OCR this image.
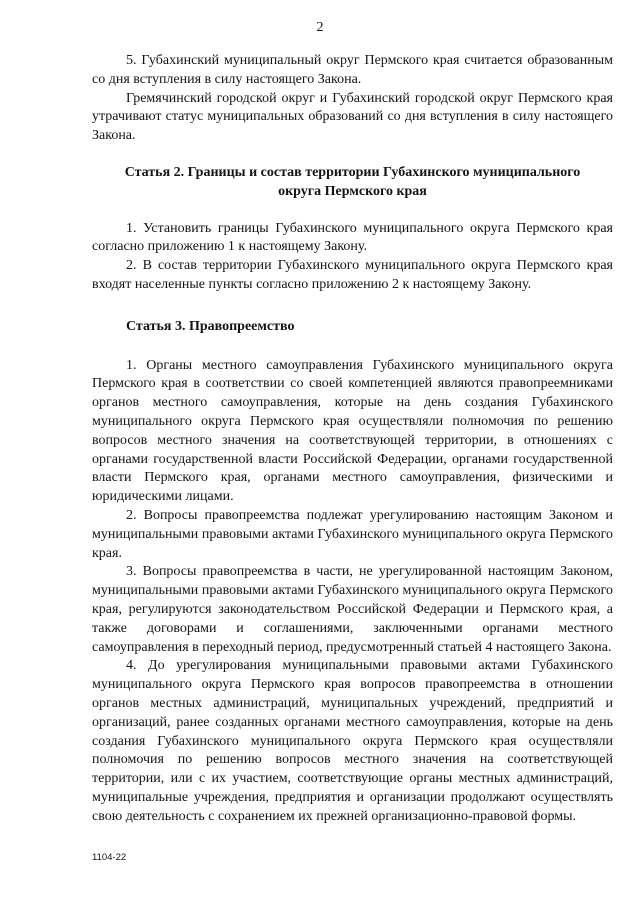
2

5. Губахинский муниципальный округ Пермского края считается образованным со дня вступления в силу настоящего Закона.

Гремячинский городской округ и Губахинский городской округ Пермского края утрачивают статус муниципальных образований со дня вступления в силу настоящего Закона.

Статья 2. Границы и состав территории Губахинского муниципального округа Пермского края

1. Установить границы Губахинского муниципального округа Пермского края согласно приложению 1 к настоящему Закону.

2. В состав территории Губахинского муниципального округа Пермского края входят населенные пункты согласно приложению 2 к настоящему Закону.

Статья 3. Правопреемство

1. Органы местного самоуправления Губахинского муниципального округа Пермского края в соответствии со своей компетенцией являются правопреемниками органов местного самоуправления, которые на день создания Губахинского муниципального округа Пермского края осуществляли полномочия по решению вопросов местного значения на соответствующей территории, в отношениях с органами государственной власти Российской Федерации, органами государственной власти Пермского края, органами местного самоуправления, физическими и юридическими лицами.

2. Вопросы правопреемства подлежат урегулированию настоящим Законом и муниципальными правовыми актами Губахинского муниципального округа Пермского края.

3. Вопросы правопреемства в части, не урегулированной настоящим Законом, муниципальными правовыми актами Губахинского муниципального округа Пермского края, регулируются законодательством Российской Федерации и Пермского края, а также договорами и соглашениями, заключенными органами местного самоуправления в переходный период, предусмотренный статьей 4 настоящего Закона.

4. До урегулирования муниципальными правовыми актами Губахинского муниципального округа Пермского края вопросов правопреемства в отношении органов местных администраций, муниципальных учреждений, предприятий и организаций, ранее созданных органами местного самоуправления, которые на день создания Губахинского муниципального округа Пермского края осуществляли полномочия по решению вопросов местного значения на соответствующей территории, или с их участием, соответствующие органы местных администраций, муниципальные учреждения, предприятия и организации продолжают осуществлять свою деятельность с сохранением их прежней организационно-правовой формы.

1104-22
